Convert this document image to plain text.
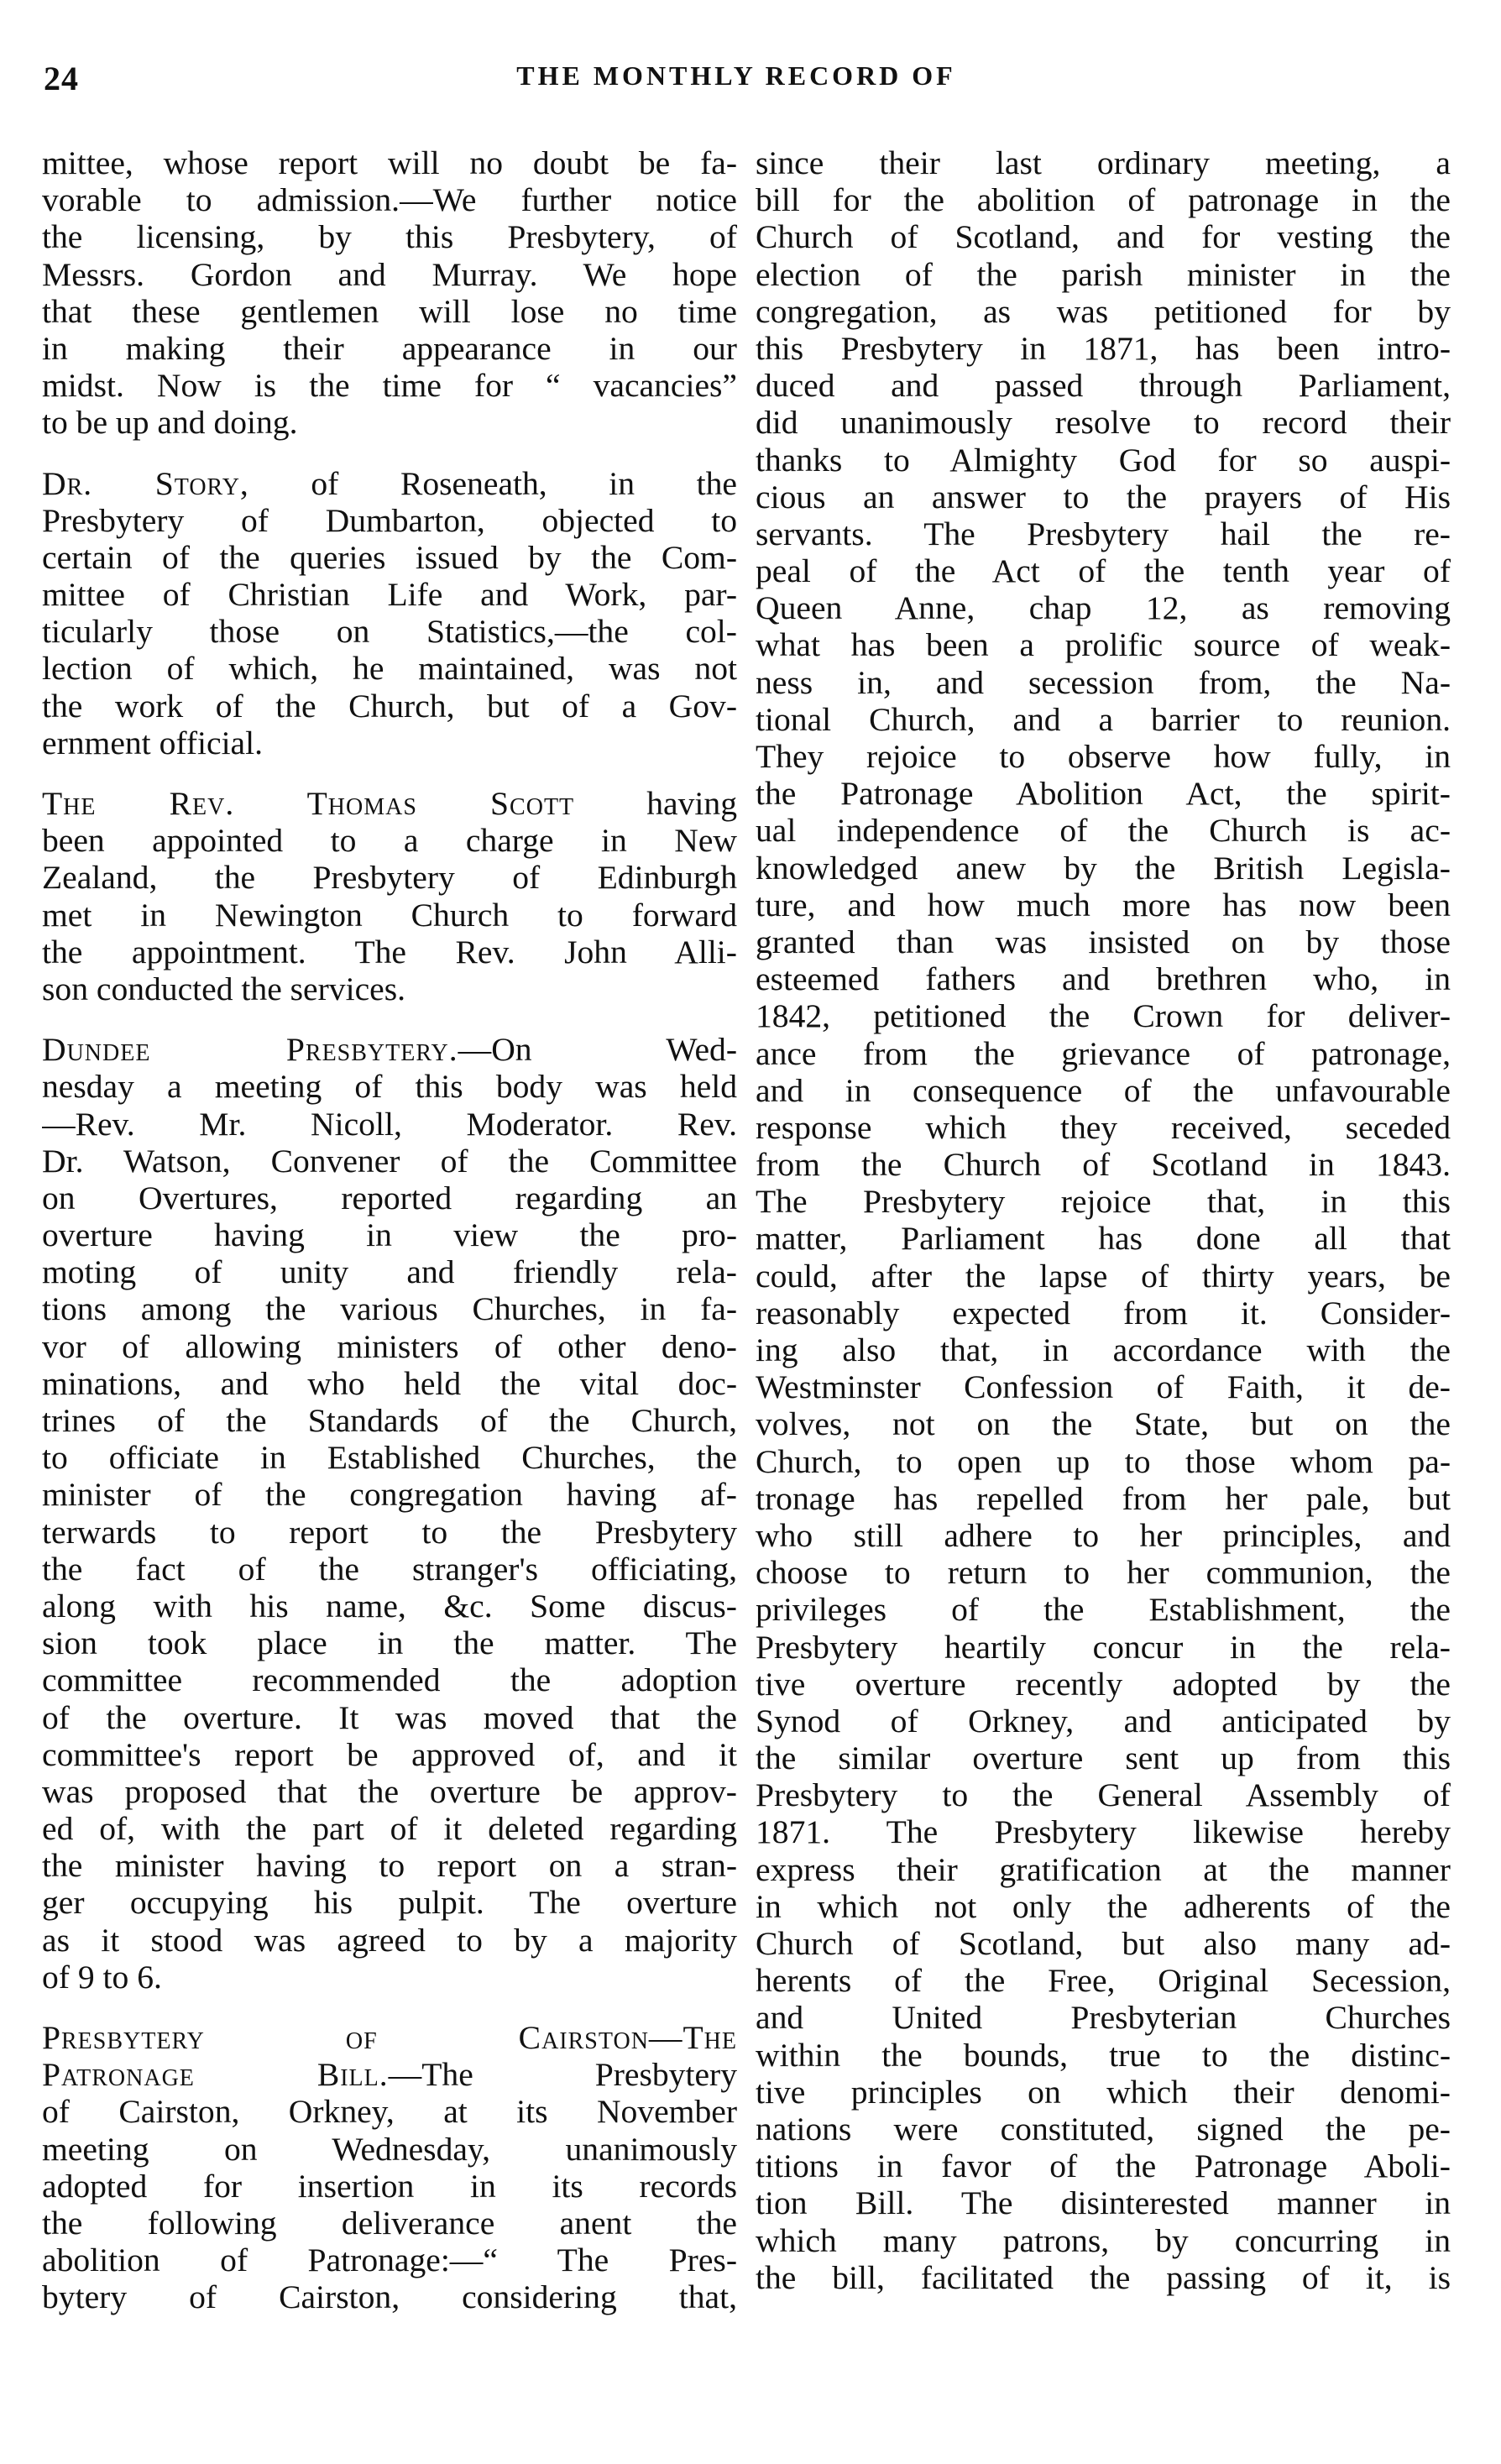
24	THE MONTHLY RECORD OF
mittee, whose report will no doubt be fa-
vorable to admission.—We further notice
the licensing, by this Presbytery, of
Messrs. Gordon and Murray. We hope
that these gentlemen will lose no time
in making their appearance in our
midst. Now is the time for “ vacancies”
to be up and doing.
Dr. Story, of Roseneath, in the
Presbytery of Dumbarton, objected to
certain of the queries issued by the Com-
mittee of Christian Life and Work, par-
ticularly those on Statistics,—the col-
lection of which, he maintained, was not
the work of the Church, but of a Gov-
ernment official.
The Rev. Thomas Scott having
been appointed to a charge in New
Zealand, the Presbytery of Edinburgh
met in Newington Church to forward
the appointment. The Rev. John Alli-
son conducted the services.
Dundee Presbytery.—On Wed-
nesday a meeting of this body was held
—Rev. Mr. Nicoll, Moderator. Rev.
Dr. Watson, Convener of the Committee
on Overtures, reported regarding an
overture having in view the pro-
moting of unity and friendly rela-
tions among the various Churches, in fa-
vor of allowing ministers of other deno-
minations, and who held the vital doc-
trines of the Standards of the Church,
to officiate in Established Churches, the
minister of the congregation having af-
terwards to report to the Presbytery
the fact of the stranger's officiating,
along with his name, &c. Some discus-
sion took place in the matter. The
committee recommended the adoption
of the overture. It was moved that the
committee's report be approved of, and it
was proposed that the overture be approv-
ed of, with the part of it deleted regarding
the minister having to report on a stran-
ger occupying his pulpit. The overture
as it stood was agreed to by a majority
of 9 to 6.
Presbytery of Cairston—The
Patronage Bill.—The Presbytery
of Cairston, Orkney, at its November
meeting on Wednesday, unanimously
adopted for insertion in its records
the following deliverance anent the
abolition of Patronage:—“ The Pres-
bytery of Cairston, considering that,
since their last ordinary meeting, a
bill for the abolition of patronage in the
Church of Scotland, and for vesting the
election of the parish minister in the
congregation, as was petitioned for by
this Presbytery in 1871, has been intro-
duced and passed through Parliament,
did unanimously resolve to record their
thanks to Almighty God for so auspi-
cious an answer to the prayers of His
servants. The Presbytery hail the re-
peal of the Act of the tenth year of
Queen Anne, chap 12, as removing
what has been a prolific source of weak-
ness in, and secession from, the Na-
tional Church, and a barrier to reunion.
They rejoice to observe how fully, in
the Patronage Abolition Act, the spirit-
ual independence of the Church is ac-
knowledged anew by the British Legisla-
ture, and how much more has now been
granted than was insisted on by those
esteemed fathers and brethren who, in
1842, petitioned the Crown for deliver-
ance from the grievance of patronage,
and in consequence of the unfavourable
response which they received, seceded
from the Church of Scotland in 1843.
The Presbytery rejoice that, in this
matter, Parliament has done all that
could, after the lapse of thirty years, be
reasonably expected from it. Consider-
ing also that, in accordance with the
Westminster Confession of Faith, it de-
volves, not on the State, but on the
Church, to open up to those whom pa-
tronage has repelled from her pale, but
who still adhere to her principles, and
choose to return to her communion, the
privileges of the Establishment, the
Presbytery heartily concur in the rela-
tive overture recently adopted by the
Synod of Orkney, and anticipated by
the similar overture sent up from this
Presbytery to the General Assembly of
1871. The Presbytery likewise hereby
express their gratification at the manner
in which not only the adherents of the
Church of Scotland, but also many ad-
herents of the Free, Original Secession,
and United Presbyterian Churches
within the bounds, true to the distinc-
tive principles on which their denomi-
nations were constituted, signed the pe-
titions in favor of the Patronage Aboli-
tion Bill. The disinterested manner in
which many patrons, by concurring in
the bill, facilitated the passing of it, is
